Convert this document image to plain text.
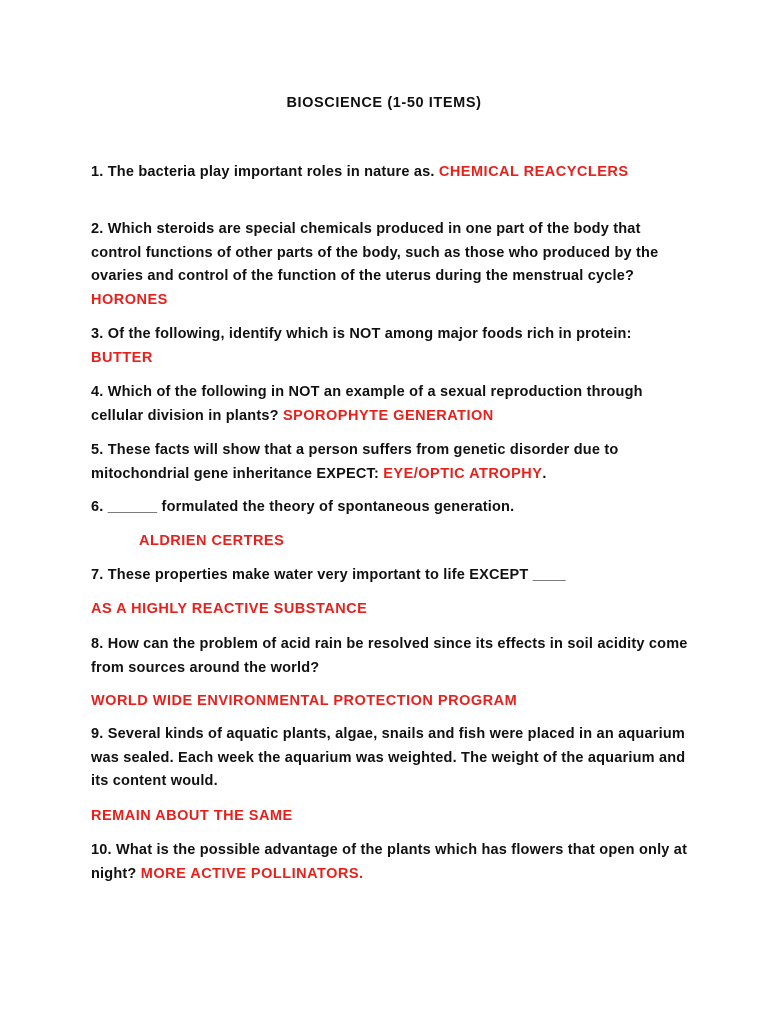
BIOSCIENCE (1-50 ITEMS)

1. The bacteria play important roles in nature as. CHEMICAL REACYCLERS

2. Which steroids are special chemicals produced in one part of the body that control functions of other parts of the body, such as those who produced by the ovaries and control of the function of the uterus during the menstrual cycle? HORONES

3. Of the following, identify which is NOT among major foods rich in protein: BUTTER

4. Which of the following in NOT an example of a sexual reproduction through cellular division in plants? SPOROPHYTE GENERATION

5. These facts will show that a person suffers from genetic disorder due to mitochondrial gene inheritance EXPECT: EYE/OPTIC ATROPHY.

6. ______ formulated the theory of spontaneous generation.

ALDRIEN CERTRES

7. These properties make water very important to life EXCEPT ____

AS A HIGHLY REACTIVE SUBSTANCE

8. How can the problem of acid rain be resolved since its effects in soil acidity come from sources around the world?

WORLD WIDE ENVIRONMENTAL PROTECTION PROGRAM

9. Several kinds of aquatic plants, algae, snails and fish were placed in an aquarium was sealed. Each week the aquarium was weighted. The weight of the aquarium and its content would.

REMAIN ABOUT THE SAME

10. What is the possible advantage of the plants which has flowers that open only at night? MORE ACTIVE POLLINATORS.
